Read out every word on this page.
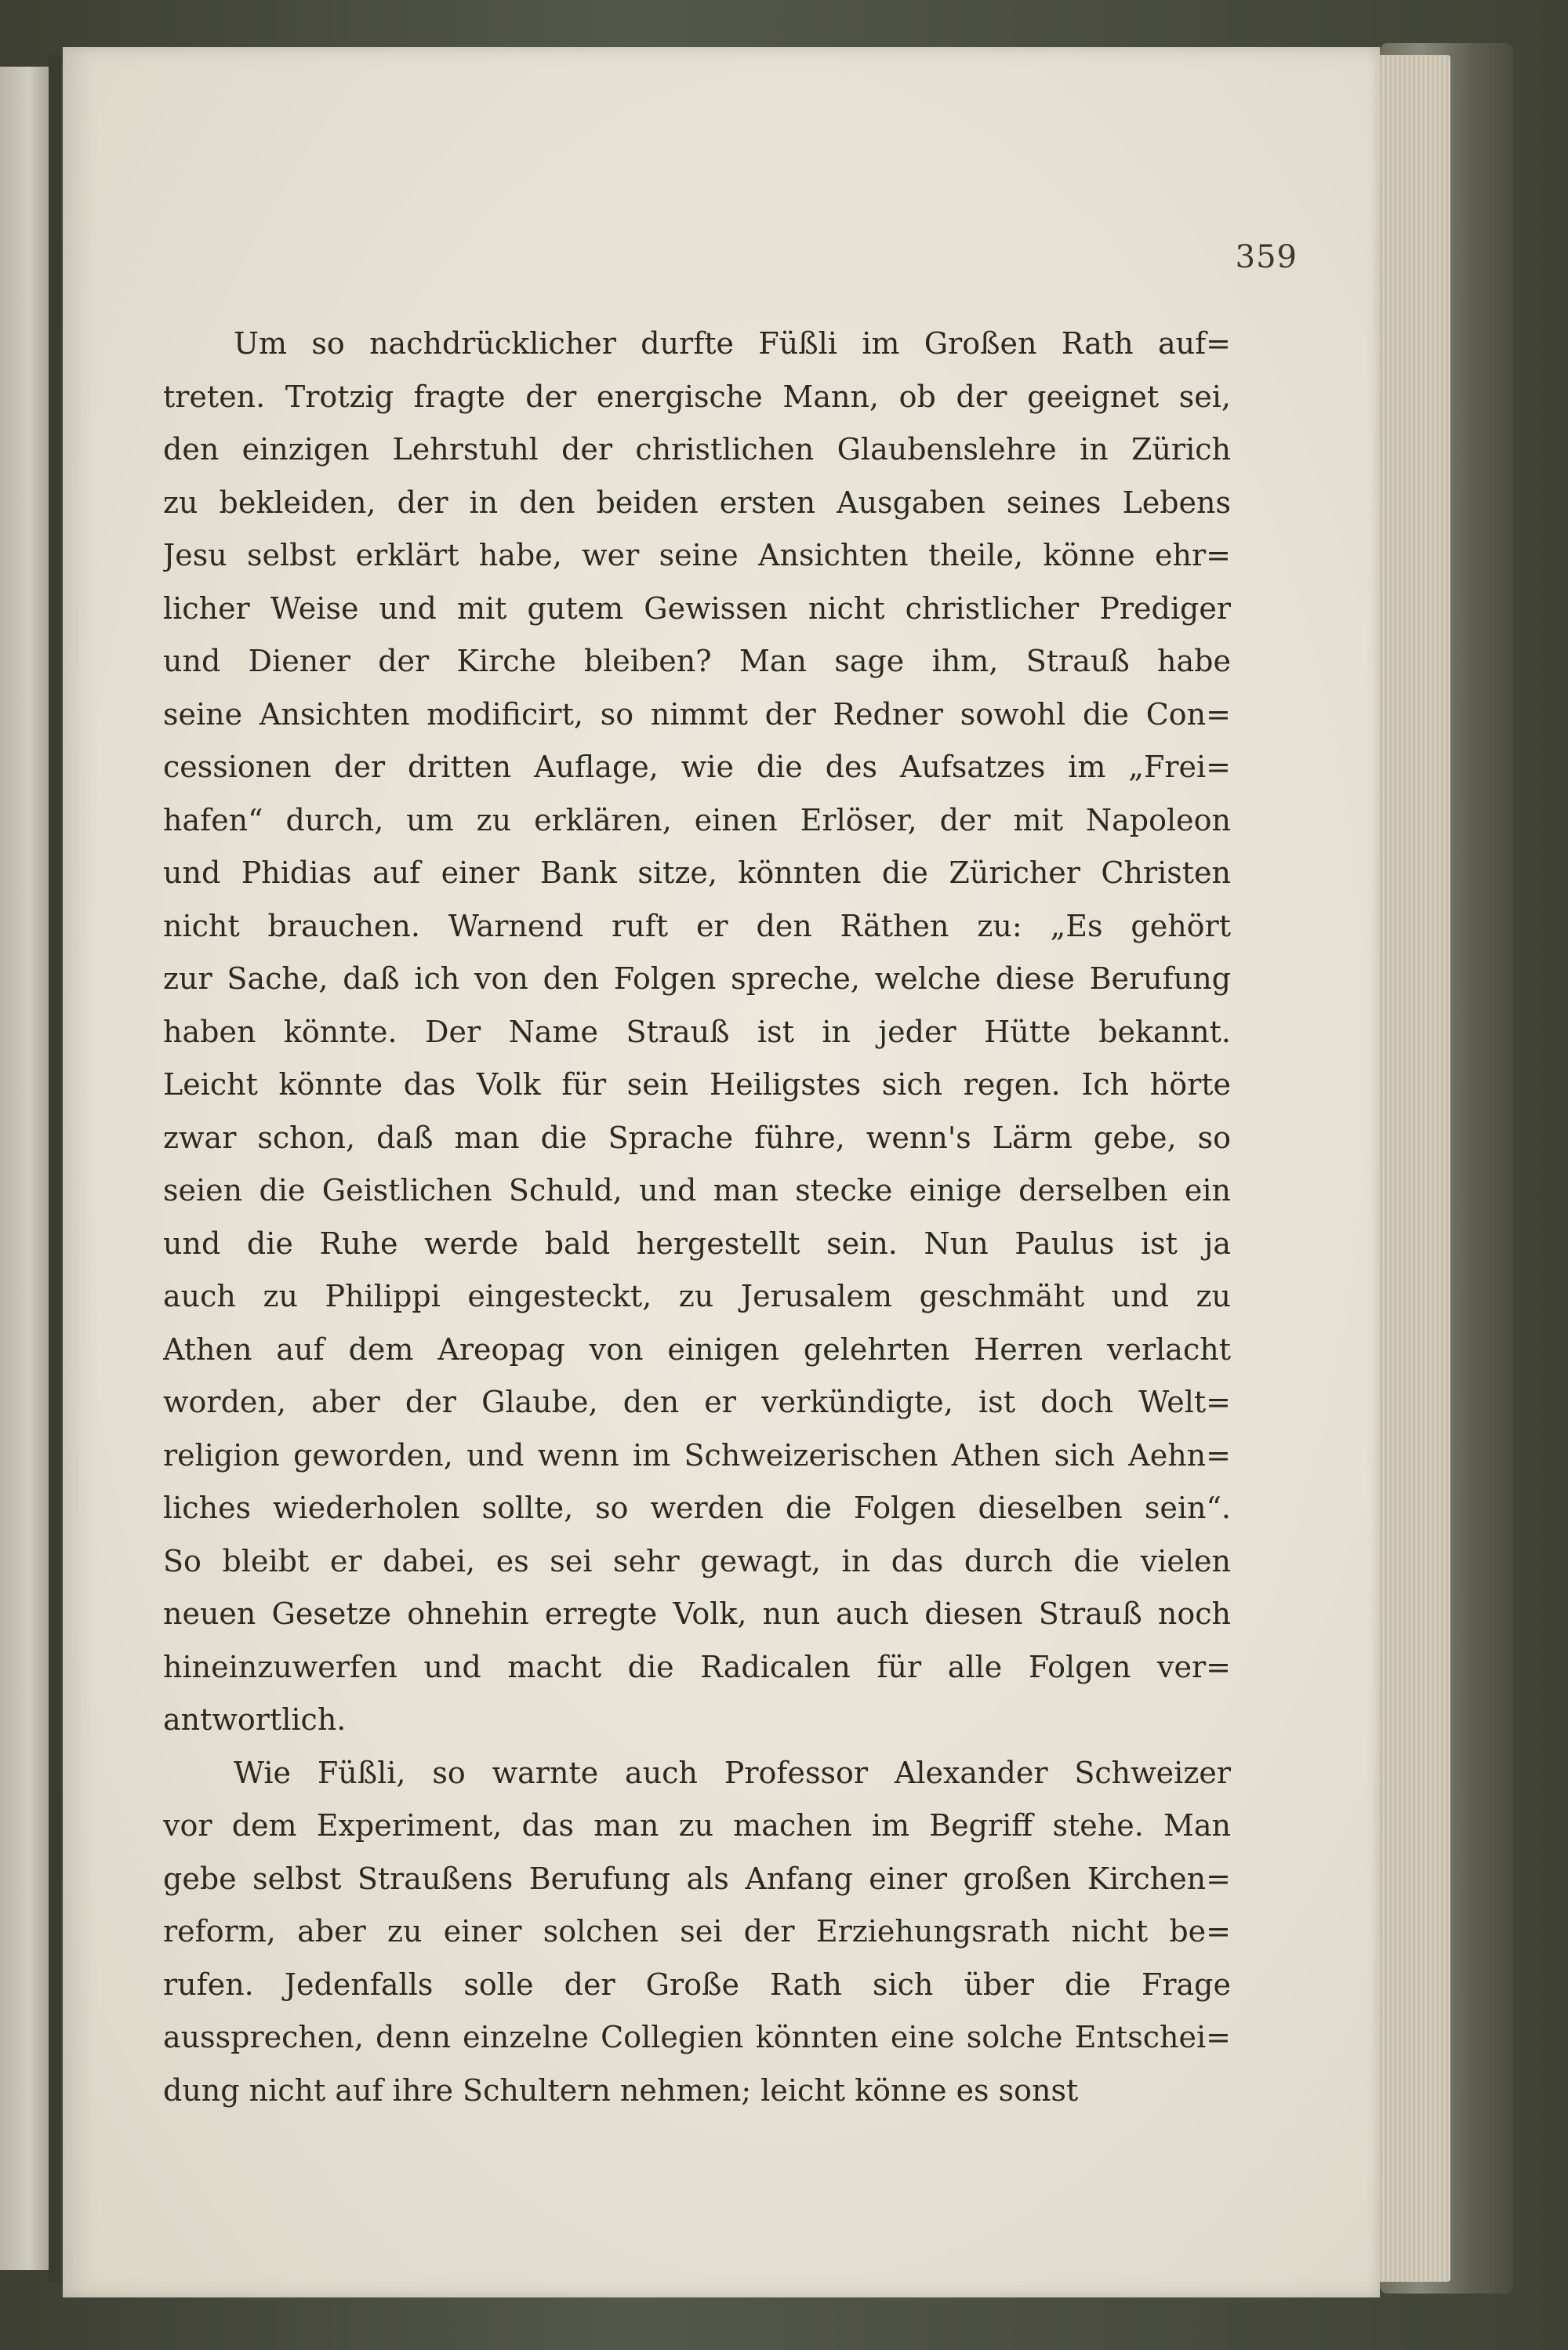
359
Um so nachdrücklicher durfte Füßli im Großen Rath auf=
treten. Trotzig fragte der energische Mann, ob der geeignet sei,
den einzigen Lehrstuhl der christlichen Glaubenslehre in Zürich
zu bekleiden, der in den beiden ersten Ausgaben seines Lebens
Jesu selbst erklärt habe, wer seine Ansichten theile, könne ehr=
licher Weise und mit gutem Gewissen nicht christlicher Prediger
und Diener der Kirche bleiben? Man sage ihm, Strauß habe
seine Ansichten modificirt, so nimmt der Redner sowohl die Con=
cessionen der dritten Auflage, wie die des Aufsatzes im „Frei=
hafen“ durch, um zu erklären, einen Erlöser, der mit Napoleon
und Phidias auf einer Bank sitze, könnten die Züricher Christen
nicht brauchen. Warnend ruft er den Räthen zu: „Es gehört
zur Sache, daß ich von den Folgen spreche, welche diese Berufung
haben könnte. Der Name Strauß ist in jeder Hütte bekannt.
Leicht könnte das Volk für sein Heiligstes sich regen. Ich hörte
zwar schon, daß man die Sprache führe, wenn's Lärm gebe, so
seien die Geistlichen Schuld, und man stecke einige derselben ein
und die Ruhe werde bald hergestellt sein. Nun Paulus ist ja
auch zu Philippi eingesteckt, zu Jerusalem geschmäht und zu
Athen auf dem Areopag von einigen gelehrten Herren verlacht
worden, aber der Glaube, den er verkündigte, ist doch Welt=
religion geworden, und wenn im Schweizerischen Athen sich Aehn=
liches wiederholen sollte, so werden die Folgen dieselben sein“.
So bleibt er dabei, es sei sehr gewagt, in das durch die vielen
neuen Gesetze ohnehin erregte Volk, nun auch diesen Strauß noch
hineinzuwerfen und macht die Radicalen für alle Folgen ver=
antwortlich.
Wie Füßli, so warnte auch Professor Alexander Schweizer
vor dem Experiment, das man zu machen im Begriff stehe. Man
gebe selbst Straußens Berufung als Anfang einer großen Kirchen=
reform, aber zu einer solchen sei der Erziehungsrath nicht be=
rufen. Jedenfalls solle der Große Rath sich über die Frage
aussprechen, denn einzelne Collegien könnten eine solche Entschei=
dung nicht auf ihre Schultern nehmen; leicht könne es sonst
